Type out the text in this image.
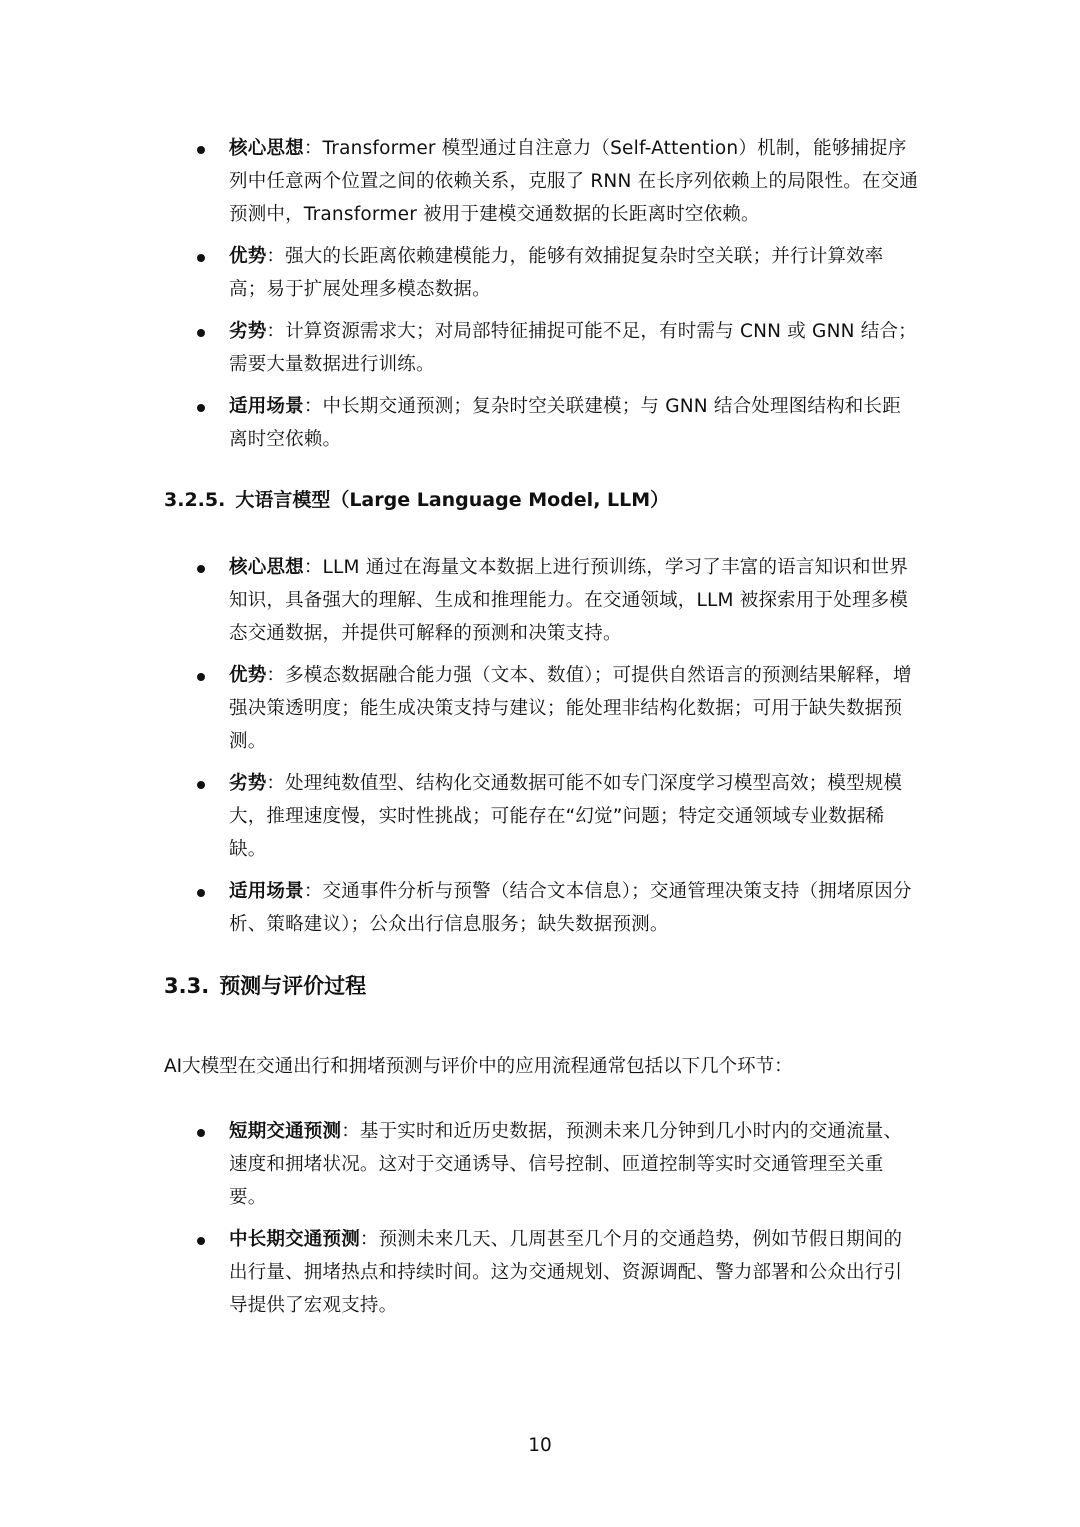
核心思想：Transformer 模型通过自注意力（Self-Attention）机制，能够捕捉序列中任意两个位置之间的依赖关系，克服了 RNN 在长序列依赖上的局限性。在交通预测中，Transformer 被用于建模交通数据的长距离时空依赖。
优势：强大的长距离依赖建模能力，能够有效捕捉复杂时空关联；并行计算效率高；易于扩展处理多模态数据。
劣势：计算资源需求大；对局部特征捕捉可能不足，有时需与 CNN 或 GNN 结合；需要大量数据进行训练。
适用场景：中长期交通预测；复杂时空关联建模；与 GNN 结合处理图结构和长距离时空依赖。
3.2.5. 大语言模型（Large Language Model, LLM）
核心思想：LLM 通过在海量文本数据上进行预训练，学习了丰富的语言知识和世界知识，具备强大的理解、生成和推理能力。在交通领域，LLM 被探索用于处理多模态交通数据，并提供可解释的预测和决策支持。
优势：多模态数据融合能力强（文本、数值）；可提供自然语言的预测结果解释，增强决策透明度；能生成决策支持与建议；能处理非结构化数据；可用于缺失数据预测。
劣势：处理纯数值型、结构化交通数据可能不如专门深度学习模型高效；模型规模大，推理速度慢，实时性挑战；可能存在“幻觉”问题；特定交通领域专业数据稀缺。
适用场景：交通事件分析与预警（结合文本信息）；交通管理决策支持（拥堵原因分析、策略建议）；公众出行信息服务；缺失数据预测。
3.3. 预测与评价过程
AI大模型在交通出行和拥堵预测与评价中的应用流程通常包括以下几个环节：
短期交通预测：基于实时和近历史数据，预测未来几分钟到几小时内的交通流量、速度和拥堵状况。这对于交通诱导、信号控制、匝道控制等实时交通管理至关重要。
中长期交通预测：预测未来几天、几周甚至几个月的交通趋势，例如节假日期间的出行量、拥堵热点和持续时间。这为交通规划、资源调配、警力部署和公众出行引导提供了宏观支持。
10
